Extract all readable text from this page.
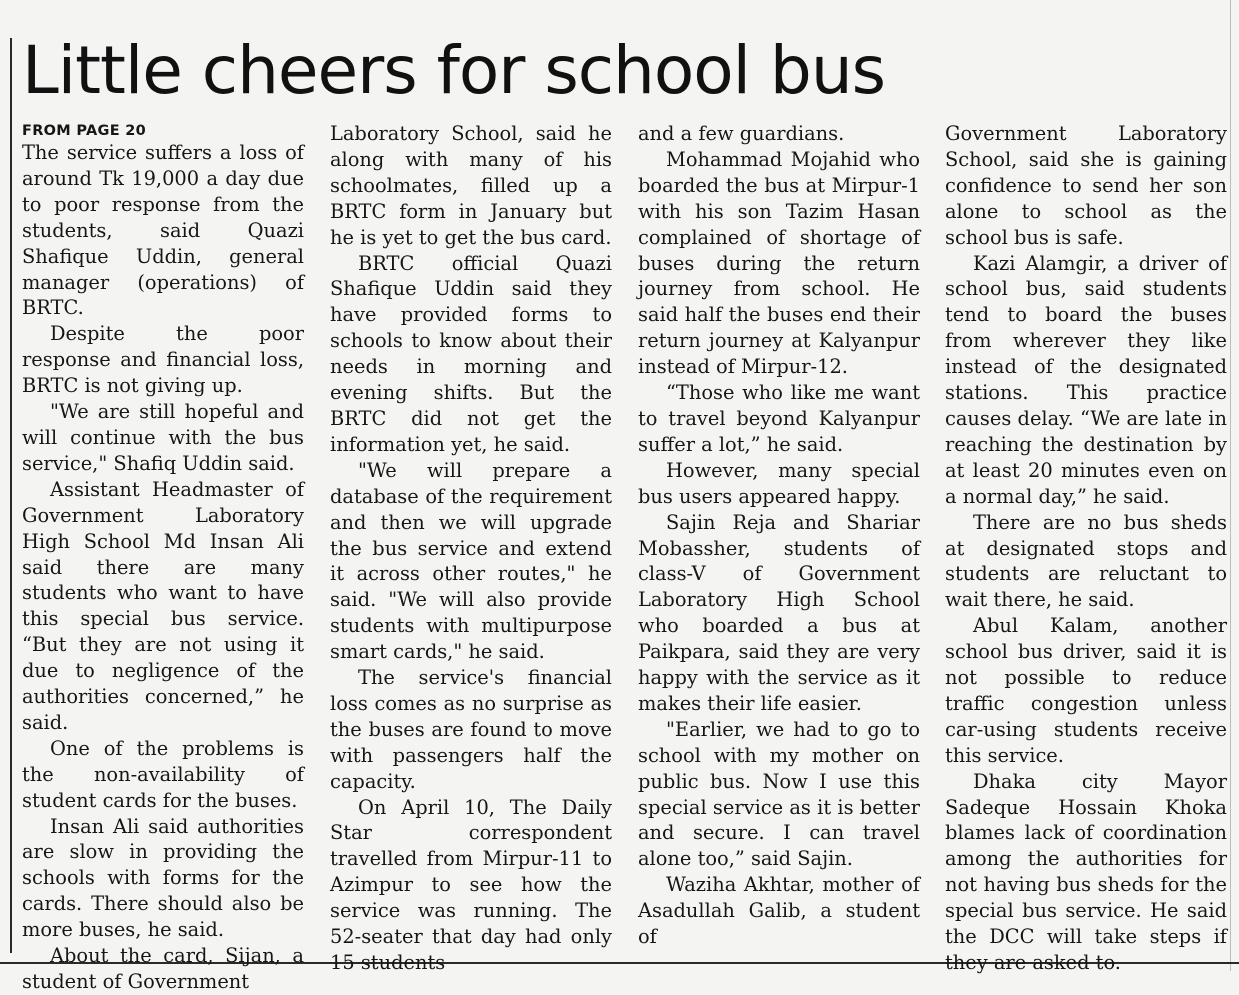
Little cheers for school bus
FROM PAGE 20

The service suffers a loss of around Tk 19,000 a day due to poor response from the students, said Quazi Shafique Uddin, general manager (operations) of BRTC.

Despite the poor response and financial loss, BRTC is not giving up.

"We are still hopeful and will continue with the bus service," Shafiq Uddin said.

Assistant Headmaster of Government Laboratory High School Md Insan Ali said there are many students who want to have this special bus service. “But they are not using it due to negligence of the authorities concerned,” he said.

One of the problems is the non-availability of student cards for the buses.

Insan Ali said authorities are slow in providing the schools with forms for the cards. There should also be more buses, he said.

About the card, Sijan, a student of Government

Laboratory School, said he along with many of his schoolmates, filled up a BRTC form in January but he is yet to get the bus card.

BRTC official Quazi Shafique Uddin said they have provided forms to schools to know about their needs in morning and evening shifts. But the BRTC did not get the information yet, he said.

"We will prepare a database of the requirement and then we will upgrade the bus service and extend it across other routes," he said. "We will also provide students with multipurpose smart cards," he said.

The service's financial loss comes as no surprise as the buses are found to move with passengers half the capacity.

On April 10, The Daily Star correspondent travelled from Mirpur-11 to Azimpur to see how the service was running. The 52-seater that day had only 15 students

and a few guardians.

Mohammad Mojahid who boarded the bus at Mirpur-1 with his son Tazim Hasan complained of shortage of buses during the return journey from school. He said half the buses end their return journey at Kalyanpur instead of Mirpur-12.

“Those who like me want to travel beyond Kalyanpur suffer a lot,” he said.

However, many special bus users appeared happy.

Sajin Reja and Shariar Mobassher, students of class-V of Government Laboratory High School who boarded a bus at Paikpara, said they are very happy with the service as it makes their life easier.

"Earlier, we had to go to school with my mother on public bus. Now I use this special service as it is better and secure. I can travel alone too,” said Sajin.

Waziha Akhtar, mother of Asadullah Galib, a student of

Government Laboratory School, said she is gaining confidence to send her son alone to school as the school bus is safe.

Kazi Alamgir, a driver of school bus, said students tend to board the buses from wherever they like instead of the designated stations. This practice causes delay. “We are late in reaching the destination by at least 20 minutes even on a normal day,” he said.

There are no bus sheds at designated stops and students are reluctant to wait there, he said.

Abul Kalam, another school bus driver, said it is not possible to reduce traffic congestion unless car-using students receive this service.

Dhaka city Mayor Sadeque Hossain Khoka blames lack of coordination among the authorities for not having bus sheds for the special bus service. He said the DCC will take steps if they are asked to.
